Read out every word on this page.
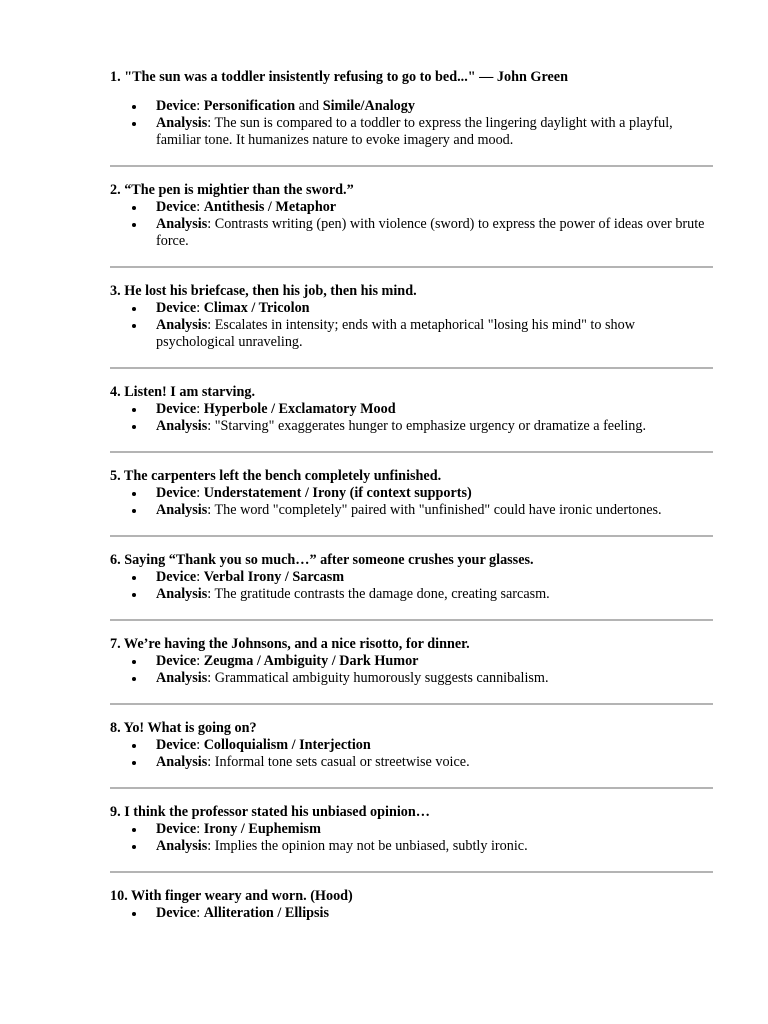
1. "The sun was a toddler insistently refusing to go to bed..." — John Green

Device: Personification and Simile/Analogy
Analysis: The sun is compared to a toddler to express the lingering daylight with a playful, familiar tone. It humanizes nature to evoke imagery and mood.

2. “The pen is mightier than the sword.”

Device: Antithesis / Metaphor
Analysis: Contrasts writing (pen) with violence (sword) to express the power of ideas over brute force.

3. He lost his briefcase, then his job, then his mind.

Device: Climax / Tricolon
Analysis: Escalates in intensity; ends with a metaphorical "losing his mind" to show psychological unraveling.

4. Listen! I am starving.

Device: Hyperbole / Exclamatory Mood
Analysis: "Starving" exaggerates hunger to emphasize urgency or dramatize a feeling.

5. The carpenters left the bench completely unfinished.

Device: Understatement / Irony (if context supports)
Analysis: The word "completely" paired with "unfinished" could have ironic undertones.

6. Saying “Thank you so much…” after someone crushes your glasses.

Device: Verbal Irony / Sarcasm
Analysis: The gratitude contrasts the damage done, creating sarcasm.

7. We’re having the Johnsons, and a nice risotto, for dinner.

Device: Zeugma / Ambiguity / Dark Humor
Analysis: Grammatical ambiguity humorously suggests cannibalism.

8. Yo! What is going on?

Device: Colloquialism / Interjection
Analysis: Informal tone sets casual or streetwise voice.

9. I think the professor stated his unbiased opinion…

Device: Irony / Euphemism
Analysis: Implies the opinion may not be unbiased, subtly ironic.

10. With finger weary and worn. (Hood)

Device: Alliteration / Ellipsis
